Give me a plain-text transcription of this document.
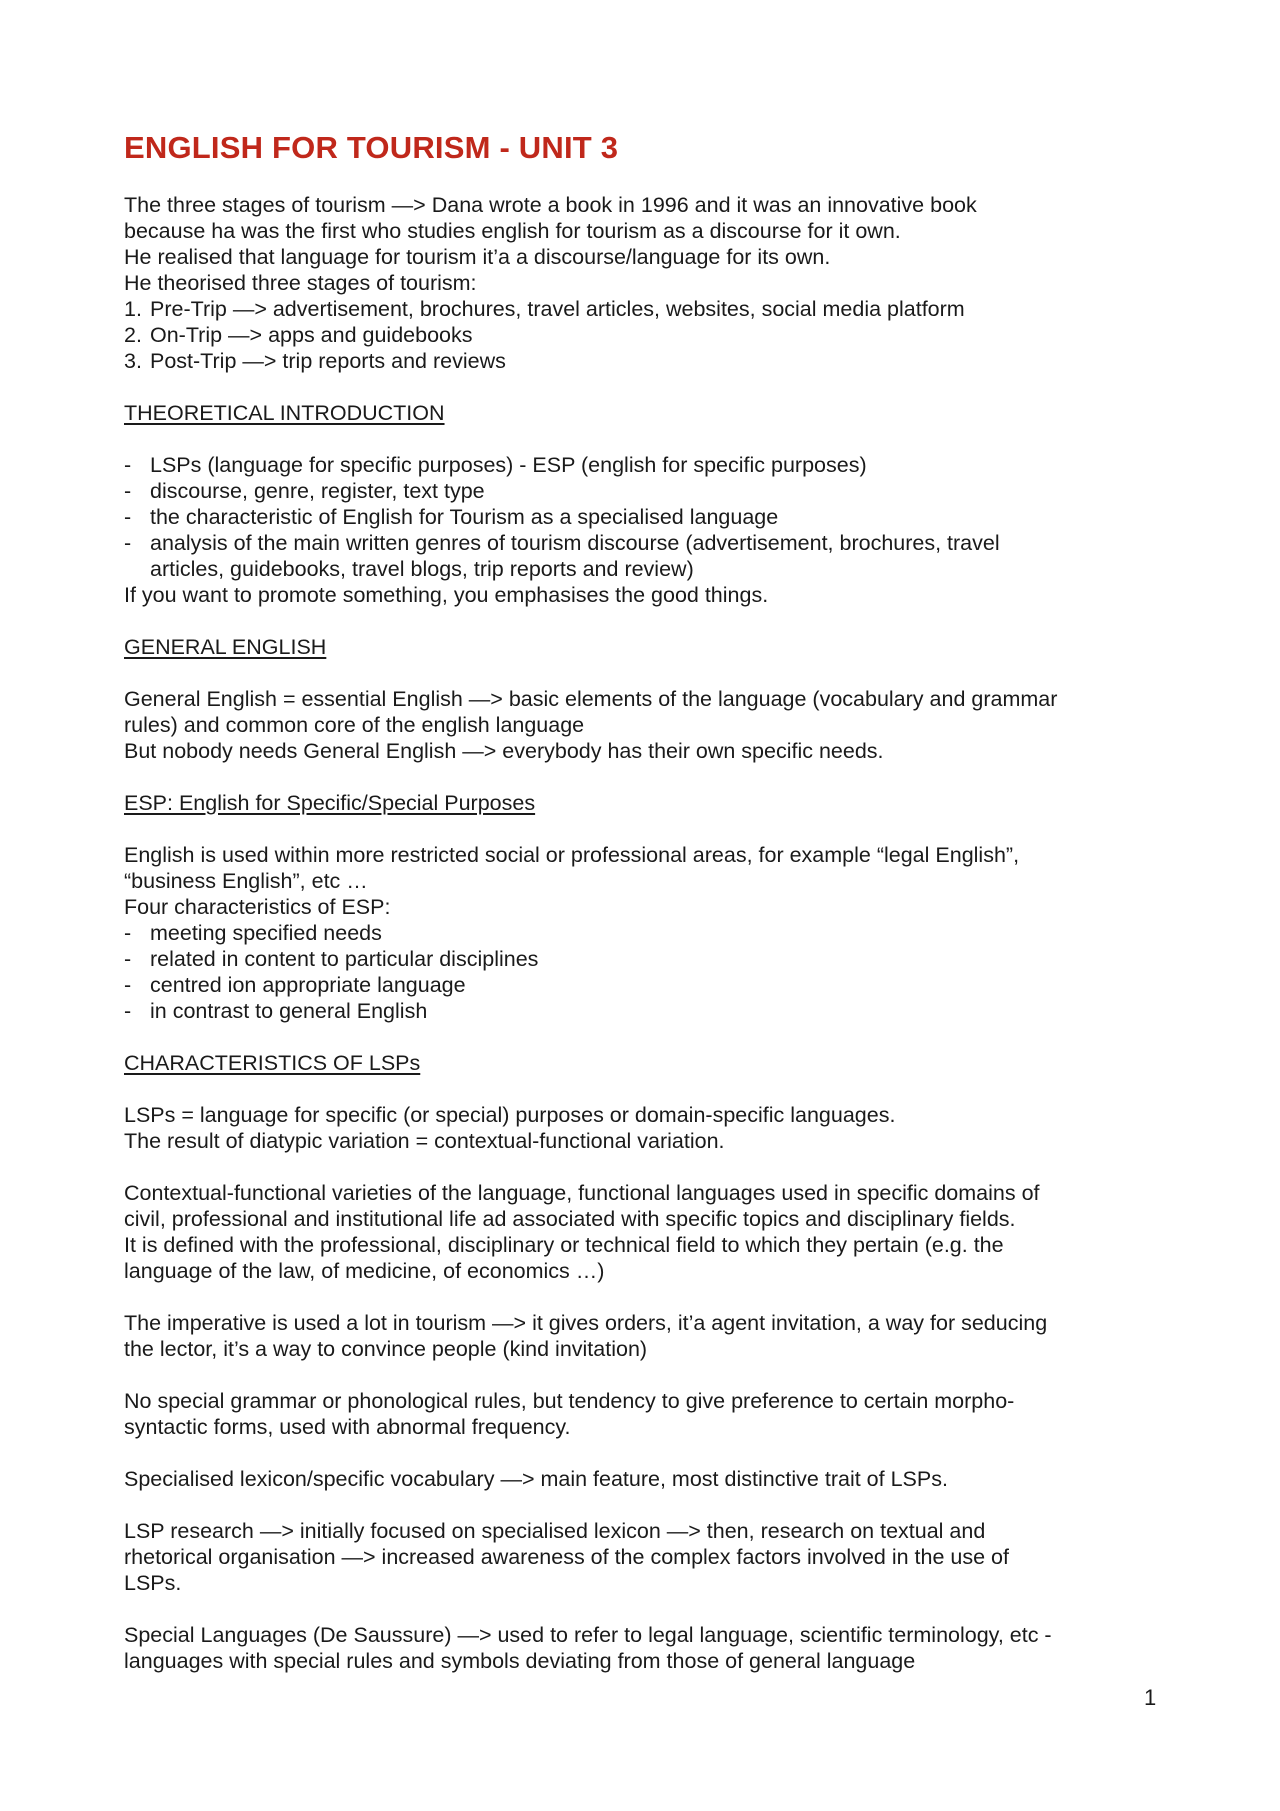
ENGLISH FOR TOURISM - UNIT 3

The three stages of tourism —> Dana wrote a book in 1996 and it was an innovative book

because ha was the first who studies english for tourism as a discourse for it own.

He realised that language for tourism it’a a discourse/language for its own.

He theorised three stages of tourism:

1. Pre-Trip —> advertisement, brochures, travel articles, websites, social media platform
2. On-Trip —> apps and guidebooks
3. Post-Trip —> trip reports and reviews

THEORETICAL INTRODUCTION

- LSPs (language for specific purposes) - ESP (english for specific purposes)
- discourse, genre, register, text type
- the characteristic of English for Tourism as a specialised language
- analysis of the main written genres of tourism discourse (advertisement, brochures, travel
articles, guidebooks, travel blogs, trip reports and review)

If you want to promote something, you emphasises the good things.

GENERAL ENGLISH

General English = essential English —> basic elements of the language (vocabulary and grammar

rules) and common core of the english language

But nobody needs General English —> everybody has their own specific needs.

ESP: English for Specific/Special Purposes

English is used within more restricted social or professional areas, for example “legal English”,

“business English”, etc …

Four characteristics of ESP:

- meeting specified needs
- related in content to particular disciplines
- centred ion appropriate language
- in contrast to general English

CHARACTERISTICS OF LSPs

LSPs = language for specific (or special) purposes or domain-specific languages.

The result of diatypic variation = contextual-functional variation.

Contextual-functional varieties of the language, functional languages used in specific domains of

civil, professional and institutional life ad associated with specific topics and disciplinary fields.

It is defined with the professional, disciplinary or technical field to which they pertain (e.g. the

language of the law, of medicine, of economics …)

The imperative is used a lot in tourism —> it gives orders, it’a agent invitation, a way for seducing

the lector, it’s a way to convince people (kind invitation)

No special grammar or phonological rules, but tendency to give preference to certain morpho-

syntactic forms, used with abnormal frequency.

Specialised lexicon/specific vocabulary —> main feature, most distinctive trait of LSPs.

LSP research —> initially focused on specialised lexicon —> then, research on textual and

rhetorical organisation —> increased awareness of the complex factors involved in the use of

LSPs.

Special Languages (De Saussure) —> used to refer to legal language, scientific terminology, etc -

languages with special rules and symbols deviating from those of general language

1
